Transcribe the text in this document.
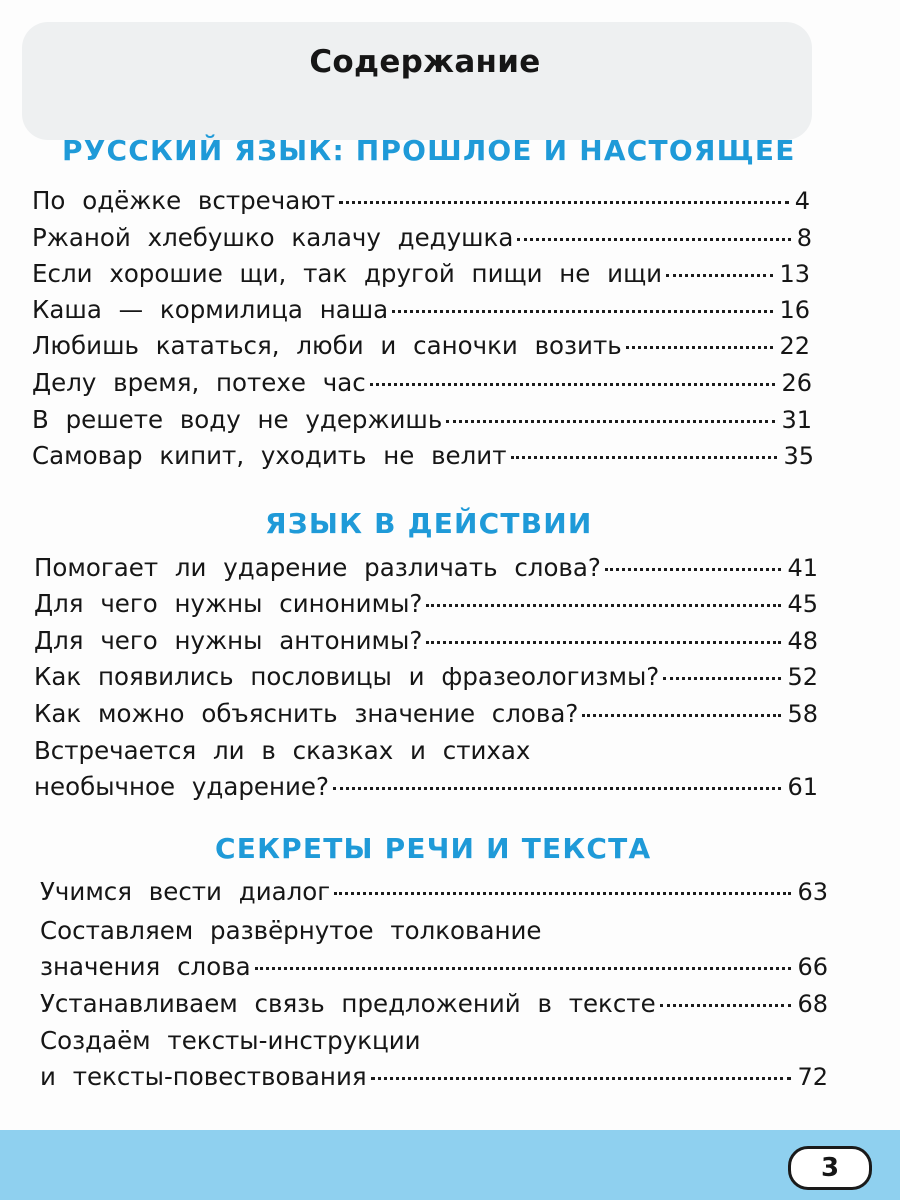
Содержание
РУССКИЙ ЯЗЫК: ПРОШЛОЕ И НАСТОЯЩЕЕ
По одёжке встречают	4
Ржаной хлебушко калачу дедушка	8
Если хорошие щи, так другой пищи не ищи	13
Каша — кормилица наша	16
Любишь кататься, люби и саночки возить	22
Делу время, потехе час	26
В решете воду не удержишь	31
Самовар кипит, уходить не велит	35
ЯЗЫК В ДЕЙСТВИИ
Помогает ли ударение различать слова?	41
Для чего нужны синонимы?	45
Для чего нужны антонимы?	48
Как появились пословицы и фразеологизмы?	52
Как можно объяснить значение слова?	58
Встречается ли в сказках и стихах
необычное ударение?	61
СЕКРЕТЫ РЕЧИ И ТЕКСТА
Учимся вести диалог	63
Составляем развёрнутое толкование
значения слова	66
Устанавливаем связь предложений в тексте	68
Создаём тексты-инструкции
и тексты-повествования	72
3
